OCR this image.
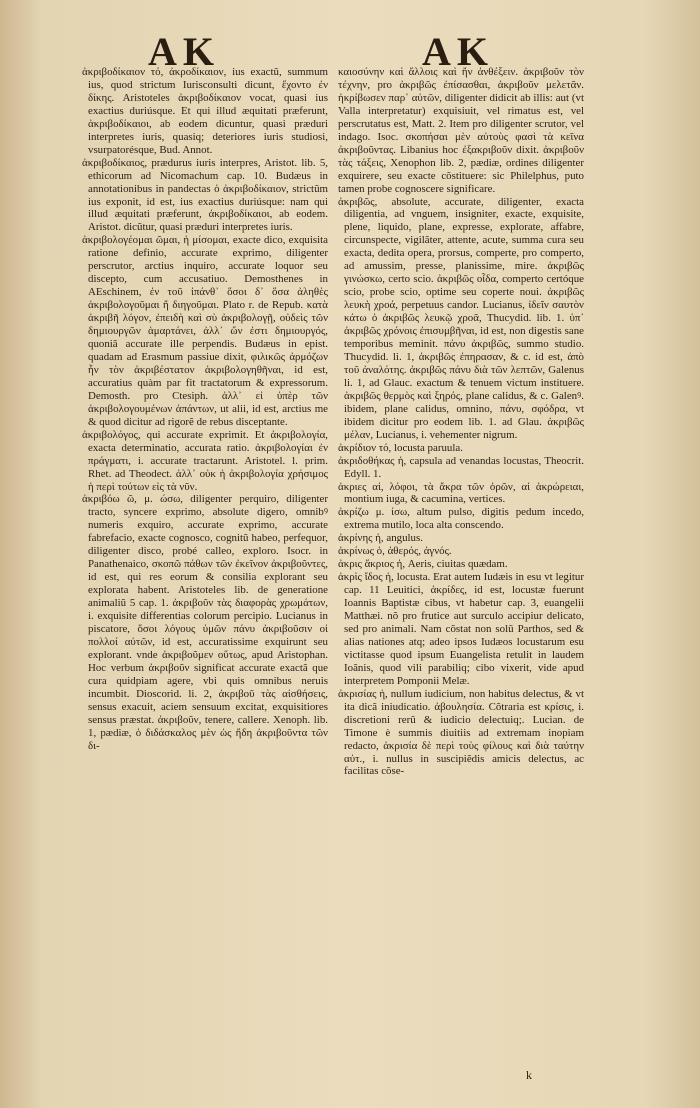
AK	AK

ἀκριβοδίκαιον τό, ἀκροδίκαιον, ius exactũ, summum ius, quod strictum Iurisconsulti dicunt, ἔχοντο ἐν δίκης. Aristoteles ἀκριβοδίκαιον vocat, quasi ius exactius duriúsque. Et qui illud æquitati præferunt, ἀκριβοδίκαιοι, ab eodem dicuntur, quasi præduri interpretes iuris, quasiq; deteriores iuris studiosi, vsurpatorésque, Bud. Annot.

ἀκριβοδίκαιος, prædurus iuris interpres, Aristot. lib. 5, ethicorum ad Nicomachum cap. 10. Budæus in annotationibus in pandectas ὁ ἀκριβοδίκαιον, strictũm ius exponit, id est, ius exactius duriúsque: nam qui illud æquitati præferunt, ἀκριβοδίκαιοι, ab eodem. Aristot. dicũtur, quasi præduri interpretes iuris.

ἀκριβολογέομαι ῶμαι, ἡ μίσομαι, exacte dico, exquisita ratione definio, accurate exprimo, diligenter perscrutor, arctius inquiro, accurate loquor seu discepto, cum accusatiuo. Demosthenes in AEschinem, ἐν τοῦ ἰπάνθ᾽ ὅσοι δ᾽ ὅσα ἀληθὲς ἀκριβολογοῦμαι ἤ διηγοῦμαι. Plato r. de Repub. κατὰ ἀκριβῆ λόγον, ἐπειδὴ καὶ σὺ ἀκριβολογῇ, οὐδεὶς τῶν δημιουργῶν ἁμαρτάνει, ἀλλ᾽ ὤν ἐστι δημιουργός, quoniã accurate ille perpendis. Budæus in epist. quadam ad Erasmum passiue dixit, φιλικῶς ἀρμόζων ἦν τὸν ἀκριβέστατον ἀκριβολογηθῆναι, id est, accuratius quàm par fit tractatorum & expressorum. Demosth. pro Ctesiph. ἀλλ᾽ εἰ ὑπὲρ τῶν ἀκριβολογουμένων ἀπάντων, ut alii, id est, arctius me & quod dicitur ad rigorẽ de rebus disceptante.

ἀκριβολόγος, qui accurate exprimit. Et ἀκριβολογία, exacta determinatio, accurata ratio. ἀκριβολογίαι ἐν πράγματι, i. accurate tractarunt. Aristotel. l. prim. Rhet. ad Theodect. ἀλλ᾽ οὐκ ἡ ἀκριβολογία χρήσιμος ἡ περὶ τούτων εἰς τὰ νῦν.

ἀκριβόω ῶ, μ. ώσω, diligenter perquiro, diligenter tracto, syncere exprimo, absolute digero, omnibꝰ numeris exquiro, accurate exprimo, accurate fabrefacio, exacte cognosco, cognitũ habeo, perfequor, diligenter disco, probé calleo, exploro. Isocr. in Panathenaico, σκοπῶ πάθων τῶν ἐκεῖνον ἀκριβοῦντες, id est, qui res eorum & consilia explorant seu explorata habent. Aristoteles lib. de generatione animaliũ 5 cap. 1. ἀκριβοῦν τὰς διαφορὰς χρωμάτων, i. exquisite differentias colorum percipio. Lucianus in piscatore, ὅσοι λόγους ὑμῶν πάνυ ἀκριβοῦσιν οἱ πολλοί αὐτῶν, id est, accuratissime exquirunt seu explorant. vnde ἀκριβοῦμεν οὕτως, apud Aristophan. Hoc verbum ἀκριβοῦν significat accurate exactã que cura quidpiam agere, vbi quis omnibus neruis incumbit. Dioscorid. li. 2, ἀκριβοῦ τὰς αἰσθήσεις, sensus exacuit, aciem sensuum excitat, exquisitiores sensus præstat. ἀκριβοῦν, tenere, callere. Xenoph. lib. 1, pædiæ, ὁ διδάσκαλος μὲν ὡς ἤδη ἀκριβοῦντα τῶν δι-

καιοσύνην καὶ ἄλλοις καὶ ἤν ἀνθέξειν. ἀκριβοῦν τὸν τέχνην, pro ἀκριβῶς ἐπίσασθαι, ἀκριβοῦν μελετᾶν. ἠκρίβωσεν παρ᾽ αὐτῶν, diligenter didicit ab illis: aut (vt Valla interpretatur) exquisiuit, vel rimatus est, vel perscrutatus est, Matt. 2. Item pro diligenter scrutor, vel indago. Isoc. σκοπήσαι μὲν αὐτοὺς φασὶ τὰ κεῖνα ἀκριβοῦντας. Libanius hoc ἐξακριβοῦν dixit. ἀκριβοῦν τὰς τάξεις, Xenophon lib. 2, pædiæ, ordines diligenter exquirere, seu exacte cõstituere: sic Philelphus, puto tamen probe cognoscere significare.

ἀκριβῶς, absolute, accurate, diligenter, exacta diligentia, ad vnguem, insigniter, exacte, exquisite, plene, liquido, plane, expresse, explorate, affabre, circunspecte, vigilãter, attente, acute, summa cura seu exacta, dedita opera, prorsus, comperte, pro comperto, ad amussim, presse, planissime, mire. ἀκριβῶς γινώσκω, certo scio. ἀκριβῶς οἶδα, comperto certóque scio, probe scio, optime seu coperte noui. ἀκριβῶς λευκὴ χροά, perpetuus candor. Lucianus, ἰδεῖν σαυτὸν κάτω ὁ ἀκριβῶς λευκῷ χροᾶ, Thucydid. lib. 1. ὑπ᾽ ἀκριβῶς χρόνοις ἐπισυμβῆναι, id est, non digestis sane temporibus meminit. πάνυ ἀκριβῶς, summo studio. Thucydid. li. 1, ἀκριβῶς ἐπηρασαν, & c. id est, ἀπὸ τοῦ ἀναλότης. ἀκριβῶς πάνυ διὰ τῶν λεπτῶν, Galenus li. 1, ad Glauc. exactum & tenuem victum instituere. ἀκριβῶς θερμὸς καὶ ξηρός, plane calidus, & c. Galenꝰ. ibidem, plane calidus, omnino, πάνυ, σφόδρα, vt ibidem dicitur pro eodem lib. 1. ad Glau. ἀκριβῶς μέλαν, Lucianus, i. vehementer nigrum.

ἀκρίδιον τό, locusta paruula.

ἀκριδοθήκας ἡ, capsula ad venandas locustas, Theocrit. Edyll. 1.

ἀκριες αἱ, λόφοι, τὰ ἄκρα τῶν ὀρῶν, αἱ ἀκρώρειαι, montium iuga, & cacumina, vertices.

ἀκρίζω μ. ίσω, altum pulso, digitis pedum incedo, extrema mutilo, loca alta conscendo.

ἀκρίνης ἡ, angulus.

ἀκρίνως ὁ, ἀθερός, ἀγνός.

ἀκρις ἄκριος ἡ, Aeris, ciuitas quædam.

ἀκρὶς ἴδος ἡ, locusta. Erat autem Iudæis in esu vt legitur cap. 11 Leuitici, ἀκρίδες, id est, locustæ fuerunt Ioannis Baptistæ cibus, vt habetur cap. 3, euangelii Matthæi. nõ pro frutice aut surculo accipiur delicato, sed pro animali. Nam cõstat non solũ Parthos, sed & alias nationes atq; adeo ipsos Iudæos locustarum esu victitasse quod ipsum Euangelista retulit in laudem Ioãnis, quod vili parabiliq; cibo vixerit, vide apud interpretem Pomponii Melæ.

ἀκρισίας ἡ, nullum iudicium, non habitus delectus, & vt ita dicã iniudicatio. ἀβουλησία. Cõtraria est κρίσις, i. discretioni rerũ & iudicio delectuiq;. Lucian. de Timone è summis diuitiis ad extremam inopiam redacto, ἀκρισία δὲ περὶ τοὺς φίλους καὶ διὰ ταύτην αὐτ., i. nullus in suscipiẽdis amicis delectus, ac facilitas cõse-

k
